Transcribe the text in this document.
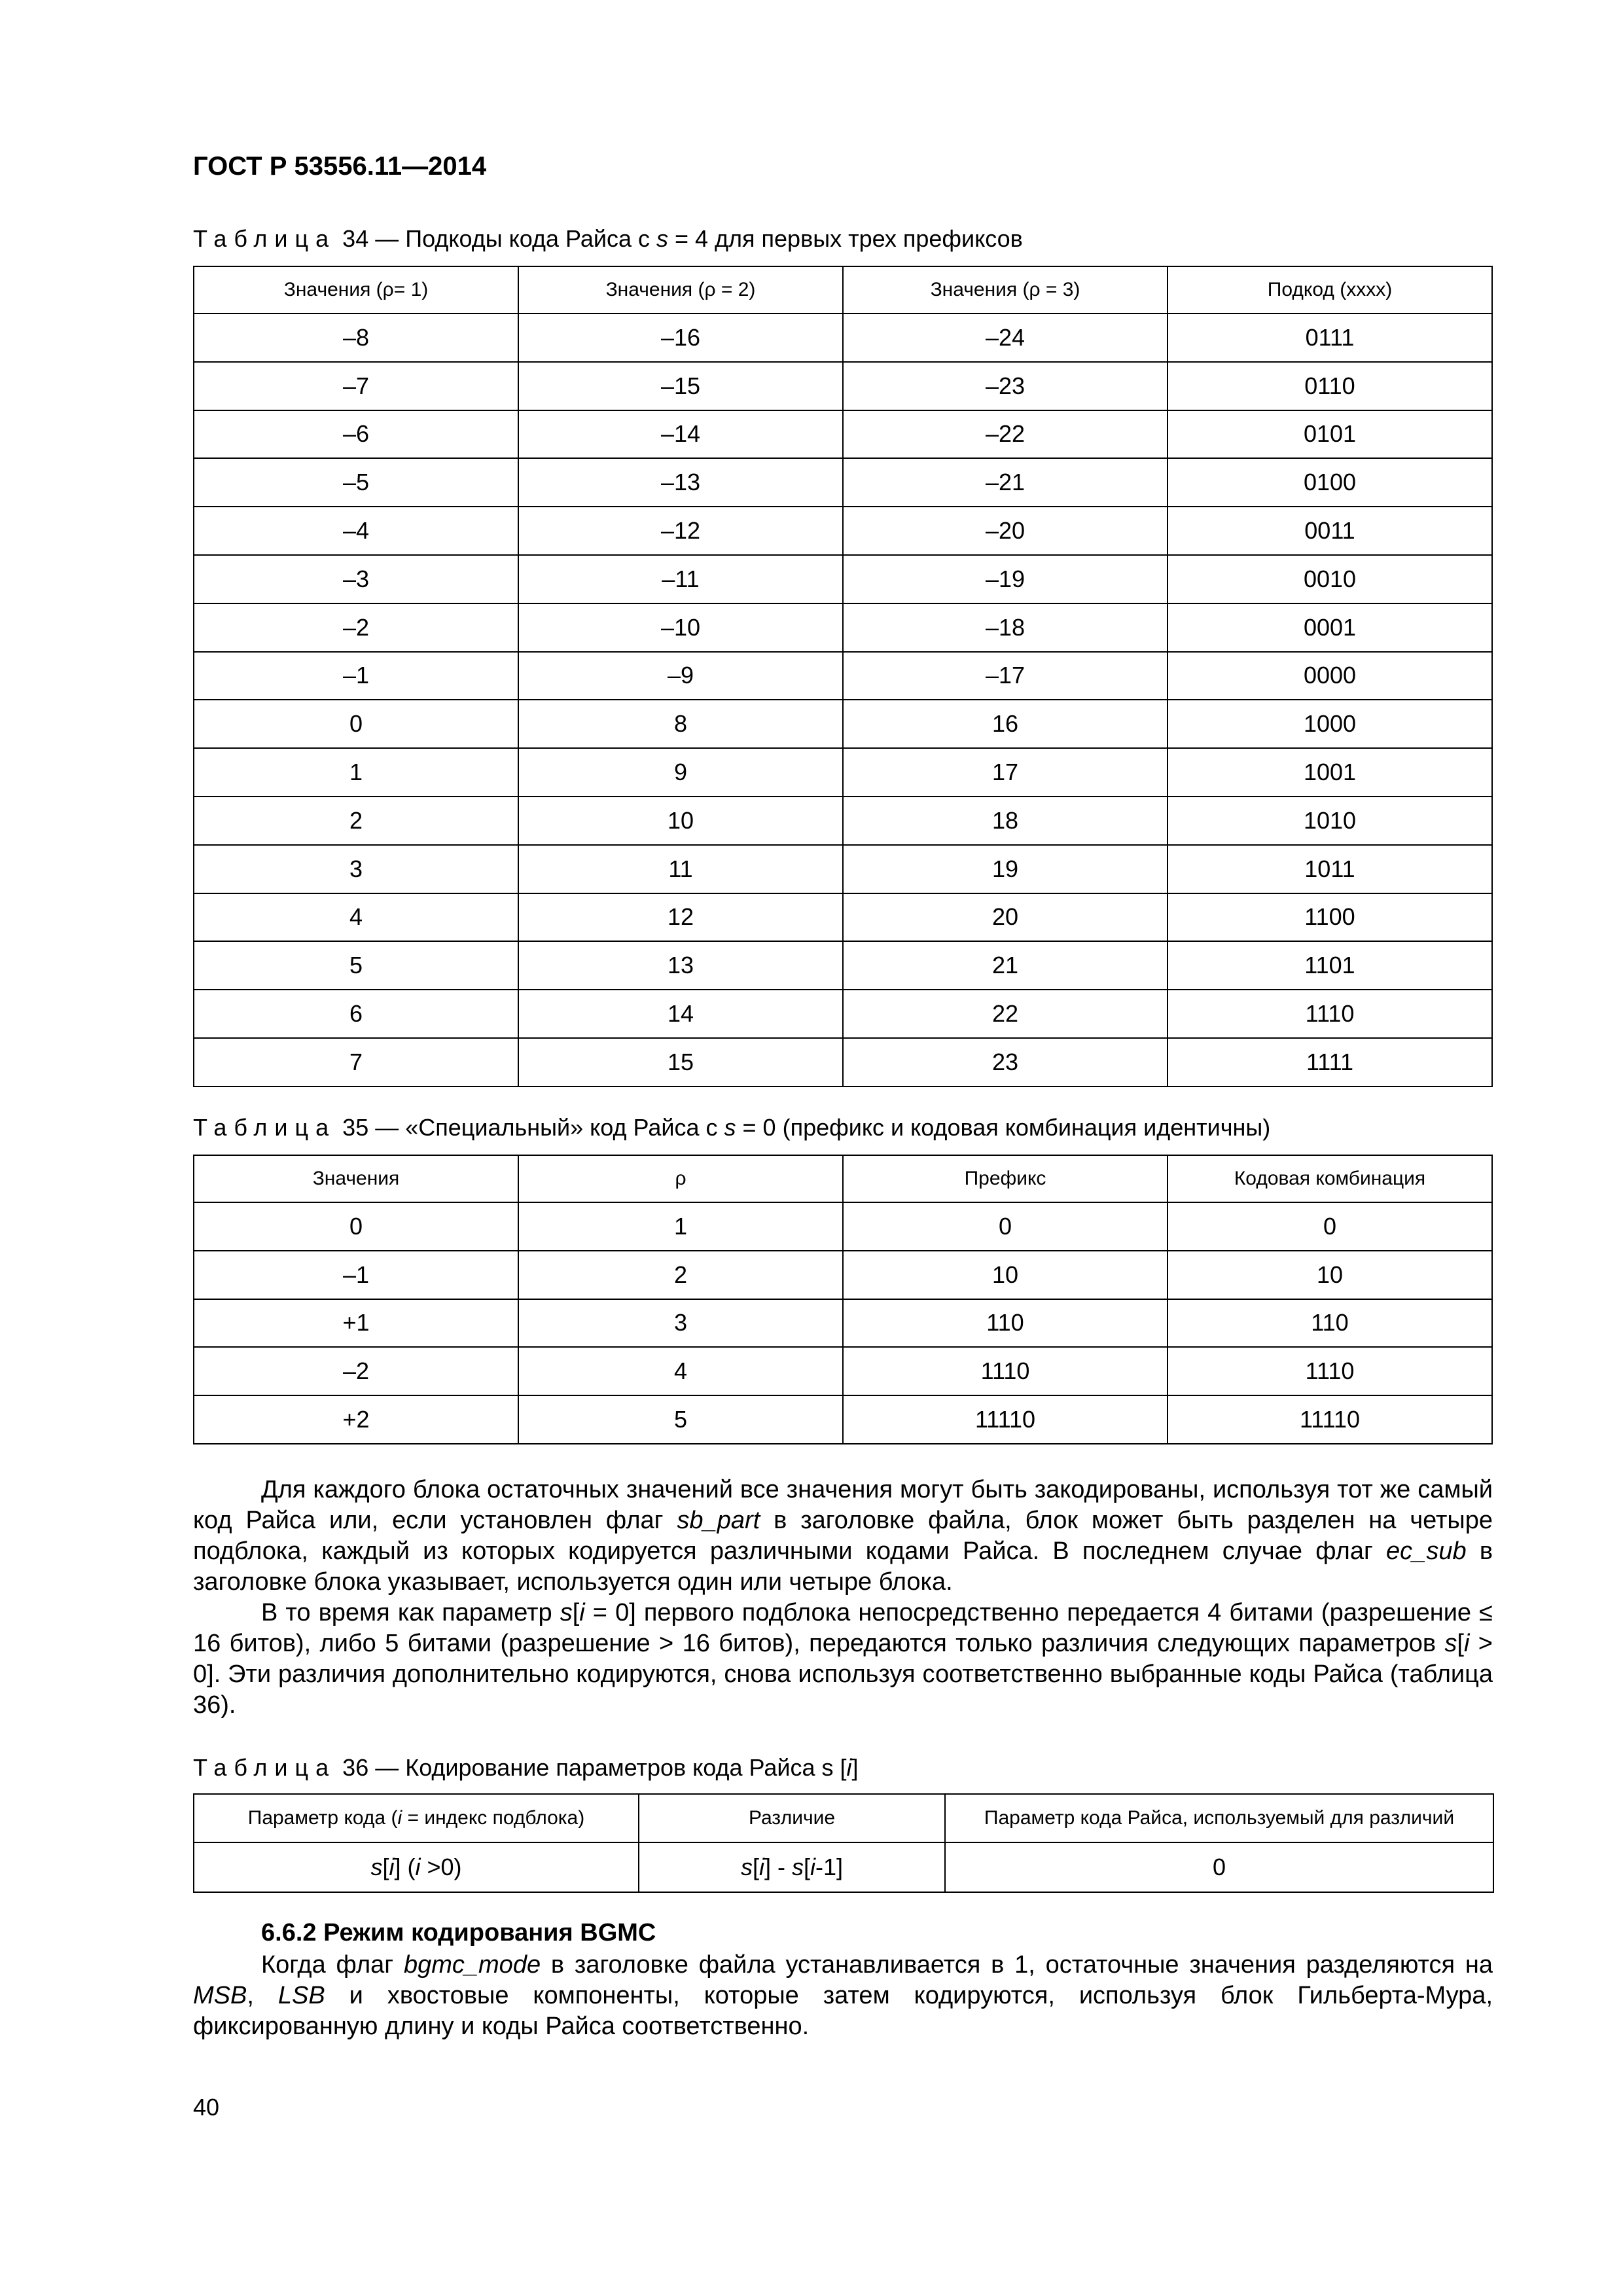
ГОСТ Р 53556.11—2014
Таблица 34 — Подкоды кода Райса с s = 4 для первых трех префиксов
Значения (ρ= 1)	Значения (ρ = 2)	Значения (ρ = 3)	Подкод (xxxx)
–8	–16	–24	0111
–7	–15	–23	0110
–6	–14	–22	0101
–5	–13	–21	0100
–4	–12	–20	0011
–3	–11	–19	0010
–2	–10	–18	0001
–1	–9	–17	0000
0	8	16	1000
1	9	17	1001
2	10	18	1010
3	11	19	1011
4	12	20	1100
5	13	21	1101
6	14	22	1110
7	15	23	1111
Таблица 35 — «Специальный» код Райса с s = 0 (префикс и кодовая комбинация идентичны)
Значения	ρ	Префикс	Кодовая комбинация
0	1	0	0
–1	2	10	10
+1	3	110	110
–2	4	1110	1110
+2	5	11110	11110

Для каждого блока остаточных значений все значения могут быть закодированы, используя тот же самый код Райса или, если установлен флаг sb_part в заголовке файла, блок может быть разделен на четыре подблока, каждый из которых кодируется различными кодами Райса. В последнем случае флаг ec_sub в заголовке блока указывает, используется один или четыре блока.

В то время как параметр s[i = 0] первого подблока непосредственно передается 4 битами (разрешение ≤ 16 битов), либо 5 битами (разрешение > 16 битов), передаются только различия следующих параметров s[i > 0]. Эти различия дополнительно кодируются, снова используя соответственно выбранные коды Райса (таблица 36).

Таблица 36 — Кодирование параметров кода Райса s [i]
Параметр кода (i = индекс подблока)	Различие	Параметр кода Райса, используемый для различий
s[i] (i >0)	s[i] - s[i-1]	0
6.6.2 Режим кодирования BGMC

Когда флаг bgmc_mode в заголовке файла устанавливается в 1, остаточные значения разделяются на MSB, LSB и хвостовые компоненты, которые затем кодируются, используя блок Гильберта-Мура, фиксированную длину и коды Райса соответственно.

40
